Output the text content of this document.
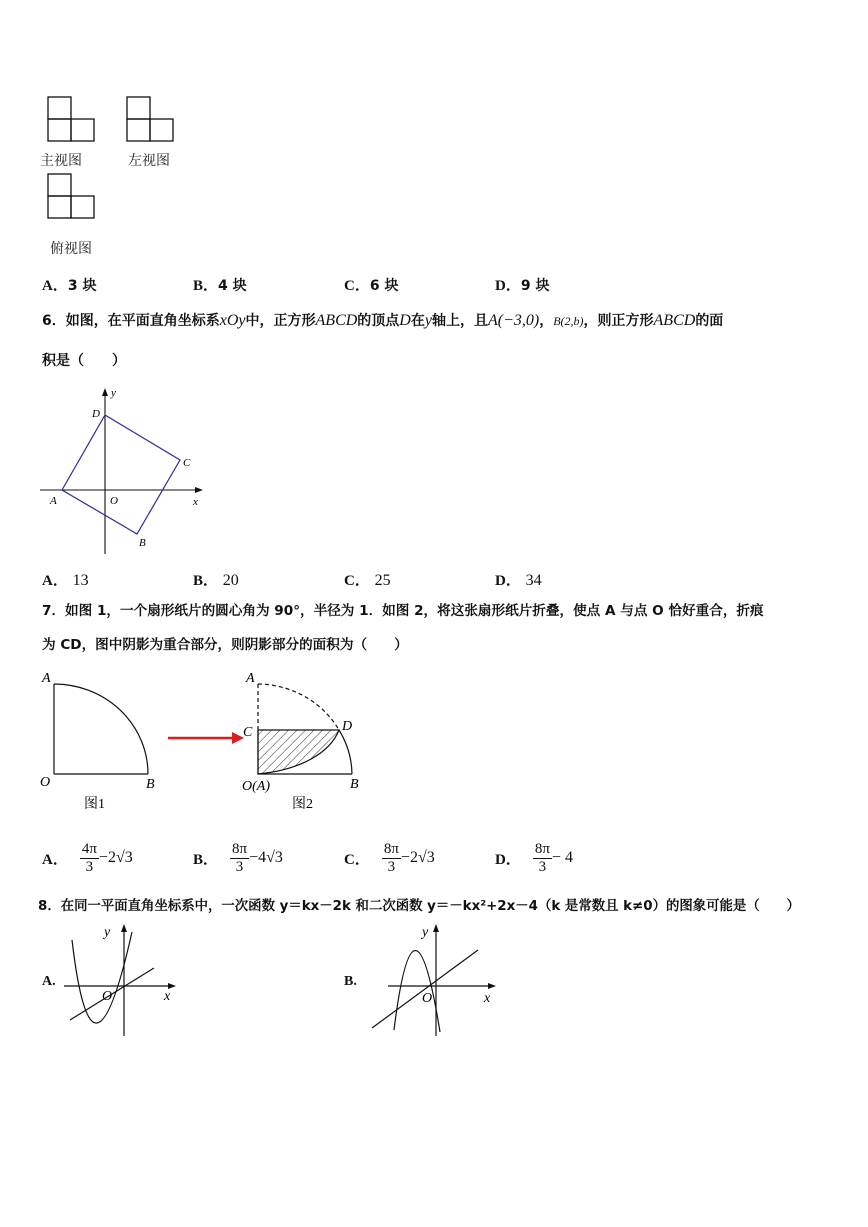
主视图	左视图
俯视图
A．3 块	B．4 块	C．6 块	D．9 块
6．如图，在平面直角坐标系xOy中，正方形ABCD的顶点D在y轴上，且A(−3,0)，B(2,b)，则正方形ABCD的面
积是（　　）
D
C
A	O
B
x
y
A． 13	B． 20	C． 25	D． 34
7．如图 1，一个扇形纸片的圆心角为 90°，半径为 1．如图 2，将这张扇形纸片折叠，使点 A 与点 O 恰好重合，折痕
为 CD，图中阴影为重合部分，则阴影部分的面积为（　　）
A
O	B
图1
A
C	D
O(A)	B
图2
A． $\frac{4\pi}{3} -2√3$	B． $\frac{8\pi}{3} -4√3$	C． $\frac{8\pi}{3} -2√3$	D． $\frac{8\pi}{3} - 4$
8．在同一平面直角坐标系中，一次函数 y＝kx－2k 和二次函数 y＝－kx²+2x－4（k 是常数且 k≠0）的图象可能是（　　）
A.
x
y
O
B.
x
y
O
